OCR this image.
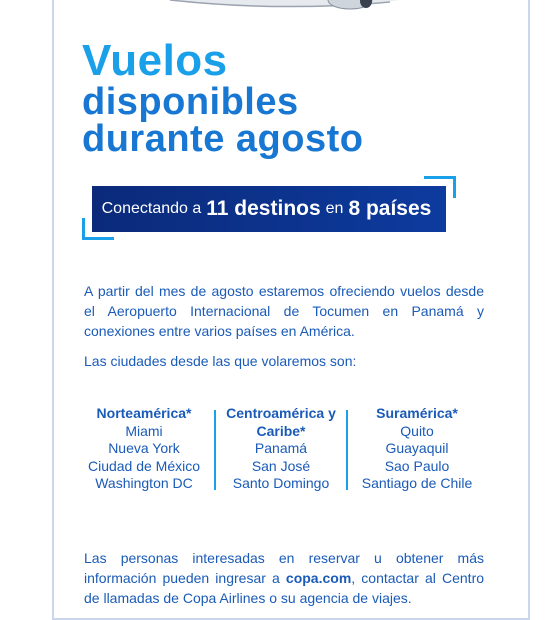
Vuelos
disponibles
durante agosto
Conectando a 11 destinos en 8 países

A partir del mes de agosto estaremos ofreciendo vuelos desde el Aeropuerto Internacional de Tocumen en Panamá y conexiones entre varios países en América.

Las ciudades desde las que volaremos son:

Norteamérica*
Miami
Nueva York
Ciudad de México
Washington DC
Centroamérica y Caribe*
Panamá
San José
Santo Domingo
Suramérica*
Quito
Guayaquil
Sao Paulo
Santiago de Chile

Las personas interesadas en reservar u obtener más información pueden ingresar a copa.com, contactar al Centro de llamadas de Copa Airlines o su agencia de viajes.
